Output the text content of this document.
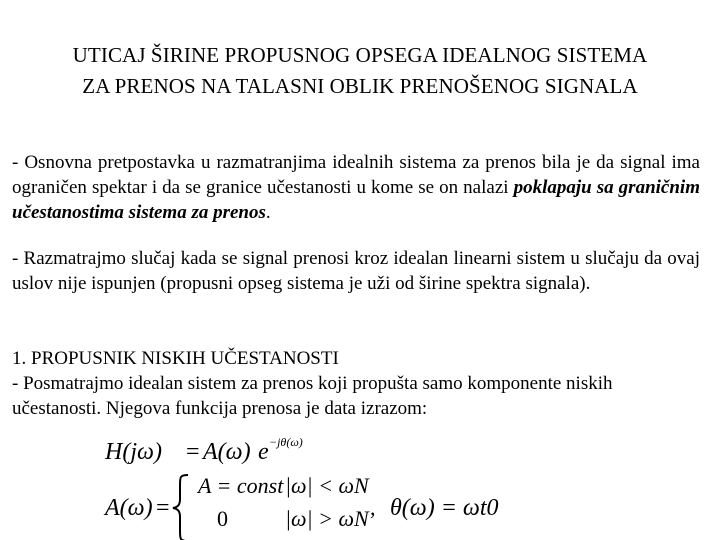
UTICAJ ŠIRINE PROPUSNOG OPSEGA IDEALNOG SISTEMA
ZA PRENOS NA TALASNI OBLIK PRENOŠENOG SIGNALA
- Osnovna pretpostavka u razmatranjima idealnih sistema za prenos bila je da signal ima ograničen spektar i da se granice učestanosti u kome se on nalazi poklapaju sa graničnim učestanostima sistema za prenos.
- Razmatrajmo slučaj kada se signal prenosi kroz idealan linearni sistem u slučaju da ovaj uslov nije ispunjen (propusni opseg sistema je uži od širine spektra signala).
1. PROPUSNIK NISKIH UČESTANOSTI
- Posmatrajmo idealan sistem za prenos koji propušta samo komponente niskih
učestanosti. Njegova funkcija prenosa je data izrazom:
H(jω) = A(ω) e −jθ(ω)
A(ω) =
A = const |ω| < ωN
0	|ω| > ωN , θ(ω) = ωt0
